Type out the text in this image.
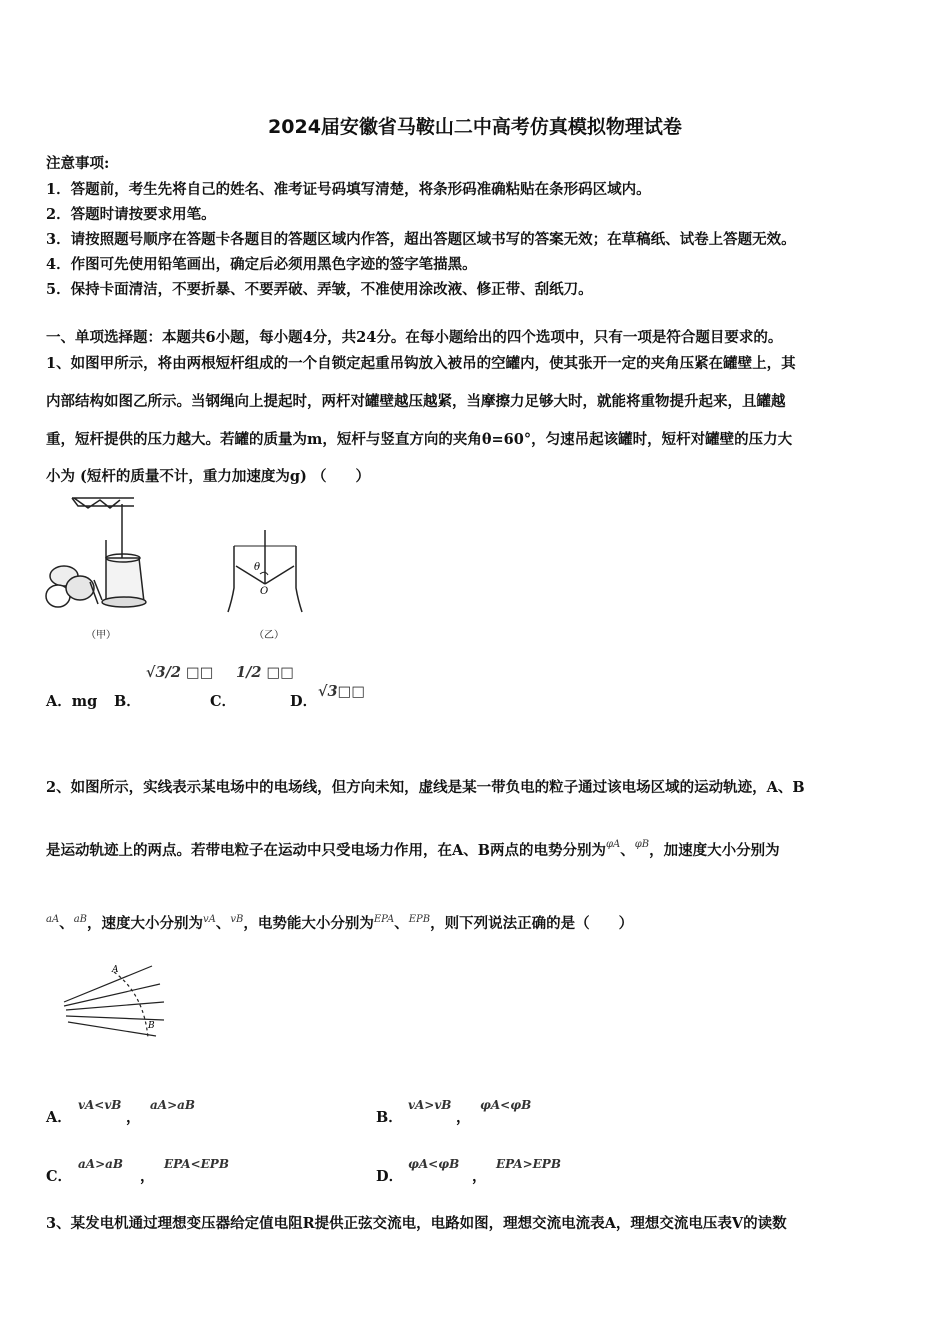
2024届安徽省马鞍山二中高考仿真模拟物理试卷
注意事项:
1．答题前，考生先将自己的姓名、准考证号码填写清楚，将条形码准确粘贴在条形码区域内。
2．答题时请按要求用笔。
3．请按照题号顺序在答题卡各题目的答题区域内作答，超出答题区域书写的答案无效；在草稿纸、试卷上答题无效。
4．作图可先使用铅笔画出，确定后必须用黑色字迹的签字笔描黑。
5．保持卡面清洁，不要折暴、不要弄破、弄皱，不准使用涂改液、修正带、刮纸刀。
一、单项选择题：本题共6小题，每小题4分，共24分。在每小题给出的四个选项中，只有一项是符合题目要求的。
1、如图甲所示，将由两根短杆组成的一个自锁定起重吊钩放入被吊的空罐内，使其张开一定的夹角压紧在罐壁上，其
内部结构如图乙所示。当钢绳向上提起时，两杆对罐壁越压越紧，当摩擦力足够大时，就能将重物提升起来，且罐越
重，短杆提供的压力越大。若罐的质量为m，短杆与竖直方向的夹角θ=60°，匀速吊起该罐时，短杆对罐壁的压力大
小为 (短杆的质量不计，重力加速度为g) （　　）
（甲）
θ
O
（乙）
A．mg B．
√3/2 □□
C．
1/2 □□
D．
√3□□
2、如图所示，实线表示某电场中的电场线，但方向未知，虚线是某一带负电的粒子通过该电场区域的运动轨迹，A、B
是运动轨迹上的两点。若带电粒子在运动中只受电场力作用，在A、B两点的电势分别为$^{\varphi A}$、$^{\varphi B}$，加速度大小分别为
$^{aA}$、$^{aB}$，速度大小分别为$^{vA}$、$^{vB}$，电势能大小分别为$^{EPA}$、$^{EPB}$，则下列说法正确的是（　　）
A
B
A．
vA<vB
，
aA>aB
B．
vA>vB
，
φA<φB
C．
aA>aB
，
EPA<EPB
D．
φA<φB
，
EPA>EPB
3、某发电机通过理想变压器给定值电阻R提供正弦交流电，电路如图，理想交流电流表A，理想交流电压表V的读数
